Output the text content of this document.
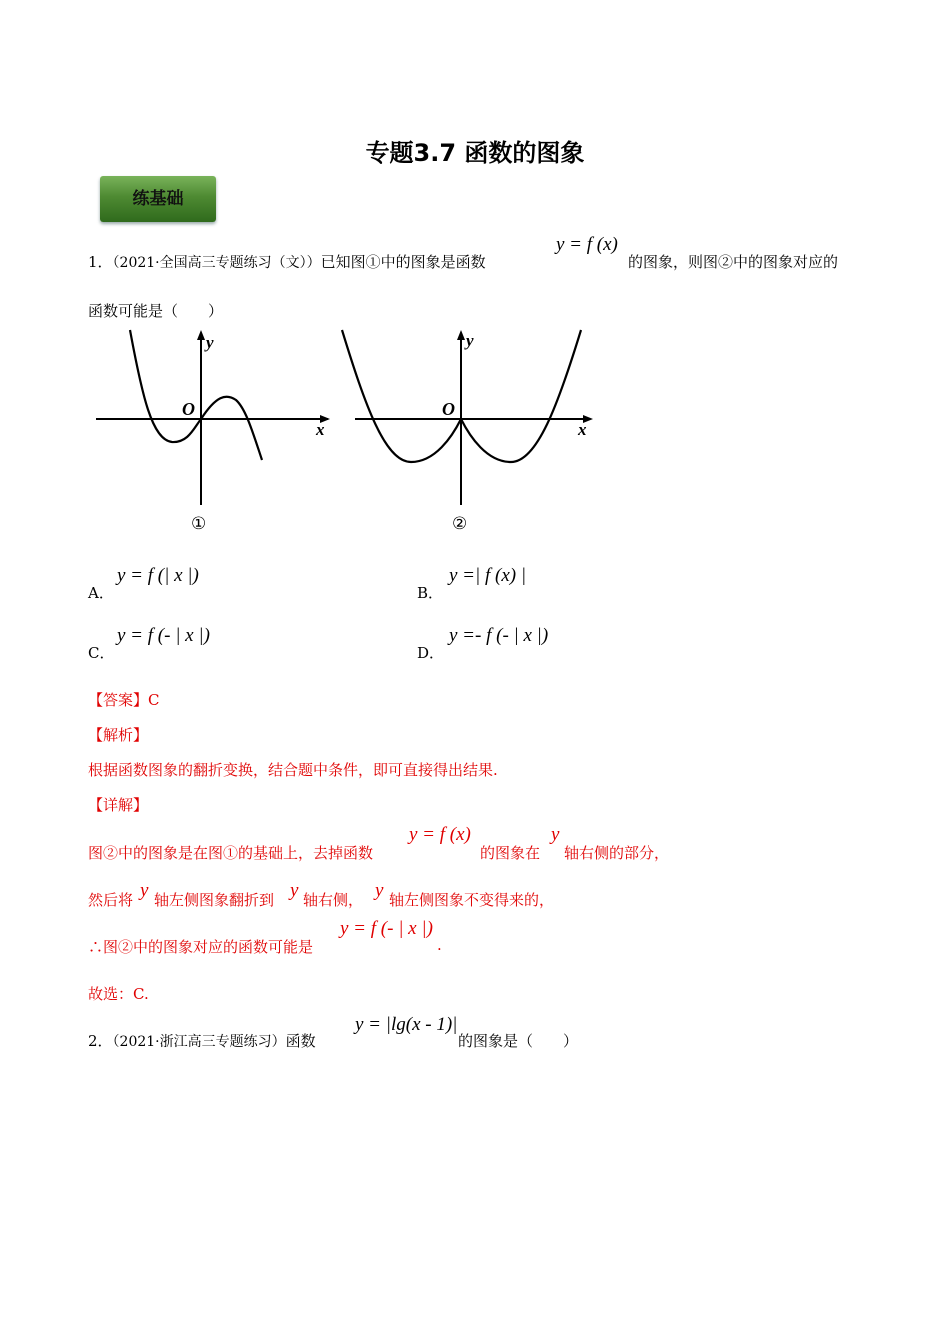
专题3.7 函数的图象
练基础
1．（2021·全国高三专题练习（文））已知图①中的图象是函数
y = f (x)
的图象，则图②中的图象对应的
函数可能是（　　）
y
x
O
①
y
x
O
②
A．
y = f (| x |)
B．
y =| f (x) |
C．
y = f (- | x |)
D．
y =- f (- | x |)
【答案】C
【解析】
根据函数图象的翻折变换，结合题中条件，即可直接得出结果.
【详解】
图②中的图象是在图①的基础上，去掉函数
y = f (x)
的图象在
y
轴右侧的部分，
然后将 y 轴左侧图象翻折到 y 轴右侧， y 轴左侧图象不变得来的，
∴图②中的图象对应的函数可能是
y = f (- | x |)
.
故选：C.
2．（2021·浙江高三专题练习）函数
y = |lg(x - 1)|
的图象是（　　）
